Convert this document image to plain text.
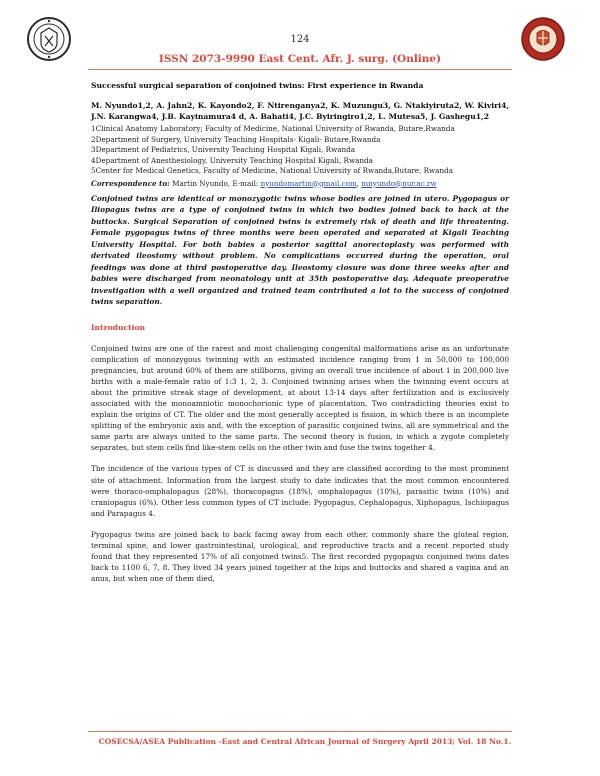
124
ISSN 2073-9990 East Cent. Afr. J. surg. (Online)
Successful surgical separation of conjoined twins: First experience in Rwanda
M. Nyundo1,2, A. Jahn2, K. Kayondo2, F. Ntirenganya2, K. Muzungu3, G. Ntakiyiruta2, W. Kiviri4, J.N. Karangwa4, J.B. Kayinamura4 d, A. Bahati4, J.C. Byiringiro1,2, L. Mutesa5, J. Gashegu1,2

1Clinical Anatomy Laboratory; Faculty of Medicine, National University of Rwanda, Butare,Rwanda

2Department of Surgery, University Teaching Hospitals- Kigali- Butare,Rwanda

3Department of Pediatrics, University Teaching Hospital Kigali, Rwanda

4Department of Anesthesiology, University Teaching Hospital Kigali, Rwanda

5Center for Medical Genetics, Faculty of Medicine, National University of Rwanda,Butare, Rwanda

Correspondence to: Martin Nyundo, E-mail: nyundomartin@gmail.com, mnyundo@nur.ac.rw

Conjoined twins are identical or monozygotic twins whose bodies are joined in utero. Pygopagus or Iliopagus twins are a type of conjoined twins in which two bodies joined back to back at the buttocks. Surgical Separation of conjoined twins is extremely risk of death and life threatening. Female pygopagus twins of three months were been operated and separated at Kigali Teaching University Hospital. For both babies a posterior sagittal anorectoplasty was performed with derivated ileostomy without problem. No complications occurred during the operation, oral feedings was done at third postoperative day. Ileostomy closure was done three weeks after and babies were discharged from neonatology unit at 35th postoperative day. Adequate preoperative investigation with a well organized and trained team contributed a lot to the success of conjoined twins separation.

Introduction

Conjoined twins are one of the rarest and most challenging congenital malformations arise as an unfortunate complication of monozygous twinning with an estimated incidence ranging from 1 in 50,000 to 100,000 pregnancies, but around 60% of them are stillborns, giving an overall true incidence of about 1 in 200,000 live births with a male-female ratio of 1:3 1, 2, 3. Conjoined twinning arises when the twinning event occurs at about the primitive streak stage of development, at about 13-14 days after fertilization and is exclusively associated with the monoamniotic monochorionic type of placentation. Two contradicting theories exist to explain the origins of CT. The older and the most generally accepted is fission, in which there is an incomplete splitting of the embryonic axis and, with the exception of parasitic conjoined twins, all are symmetrical and the same parts are always united to the same parts. The second theory is fusion, in which a zygote completely separates, but stem cells find like-stem cells on the other twin and fuse the twins together 4.

The incidence of the various types of CT is discussed and they are classified according to the most prominent site of attachment. Information from the largest study to date indicates that the most common encountered were thoraco-omphalopagus (28%), thoracopagus (18%), omphalopagus (10%), parasitic twins (10%) and craniopagus (6%). Other less common types of CT include: Pygopagus, Cephalopagus, Xiphopagus, Ischiopagus and Parapagus 4.

Pygopagus twins are joined back to back facing away from each other, commonly share the gluteal region, terminal spine, and lower gastrointestinal, urological, and reproductive tracts and a recent reported study found that they represented 17% of all conjoined twins5. The first recorded pygopagus conjoined twins dates back to 1100 6, 7, 8. They lived 34 years joined together at the hips and buttocks and shared a vagina and an anus, but when one of them died,

COSECSA/ASEA Publication -East and Central African Journal of Surgery April 2013; Vol. 18 No.1.
